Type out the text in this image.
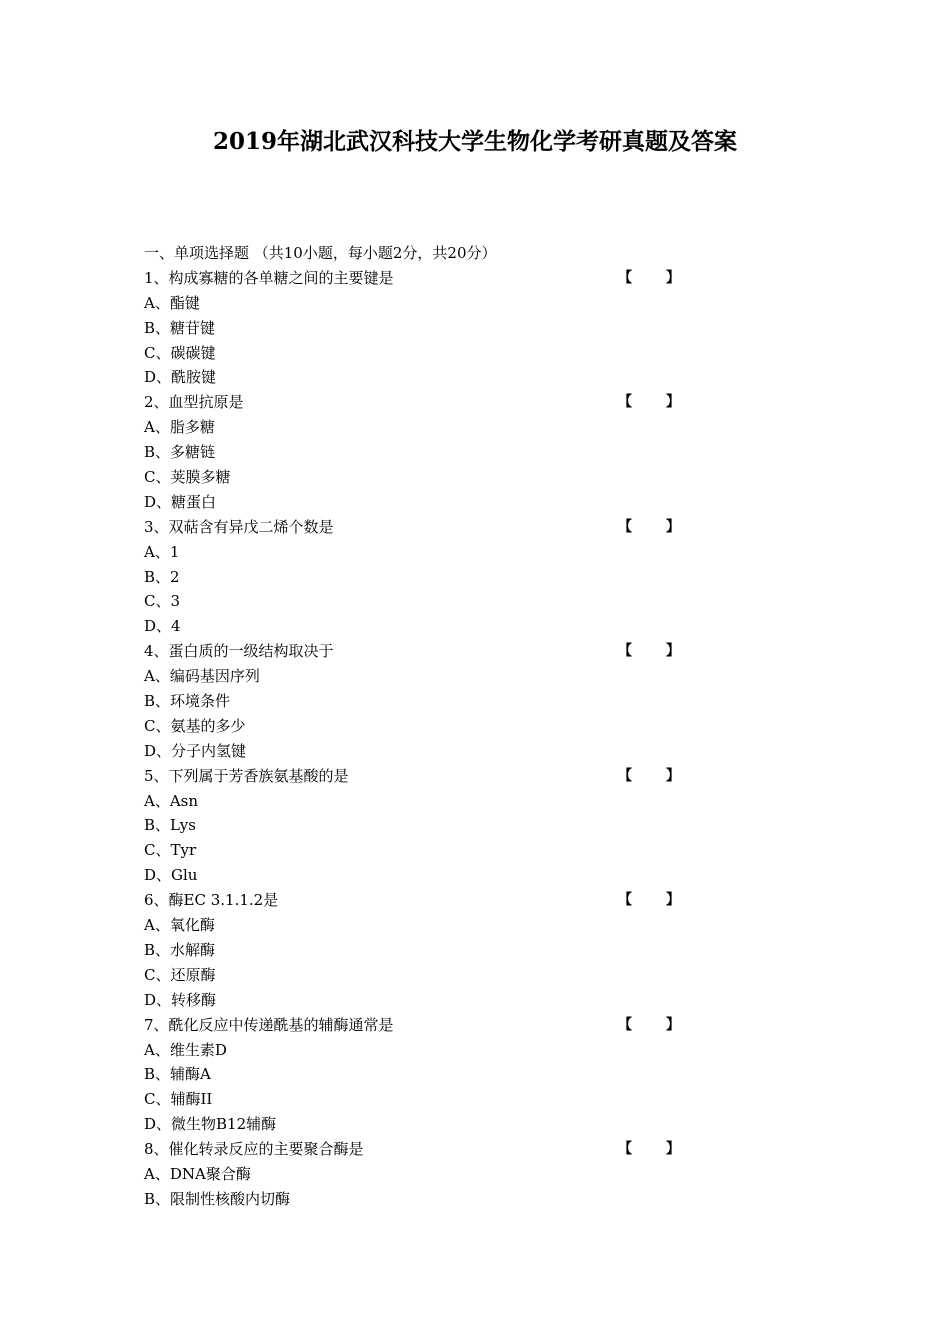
2019年湖北武汉科技大学生物化学考研真题及答案
一、单项选择题 （共10小题，每小题2分，共20分）
1、构成寡糖的各单糖之间的主要键是	【 】
A、酯键
B、糖苷键
C、碳碳键
D、酰胺键
2、血型抗原是	【 】
A、脂多糖
B、多糖链
C、荚膜多糖
D、糖蛋白
3、双萜含有异戊二烯个数是	【 】
A、1
B、2
C、3
D、4
4、蛋白质的一级结构取决于	【 】
A、编码基因序列
B、环境条件
C、氨基的多少
D、分子内氢键
5、下列属于芳香族氨基酸的是	【 】
A、Asn
B、Lys
C、Tyr
D、Glu
6、酶EC 3.1.1.2是	【 】
A、氧化酶
B、水解酶
C、还原酶
D、转移酶
7、酰化反应中传递酰基的辅酶通常是	【 】
A、维生素D
B、辅酶A
C、辅酶II
D、微生物B12辅酶
8、催化转录反应的主要聚合酶是	【 】
A、DNA聚合酶
B、限制性核酸内切酶
